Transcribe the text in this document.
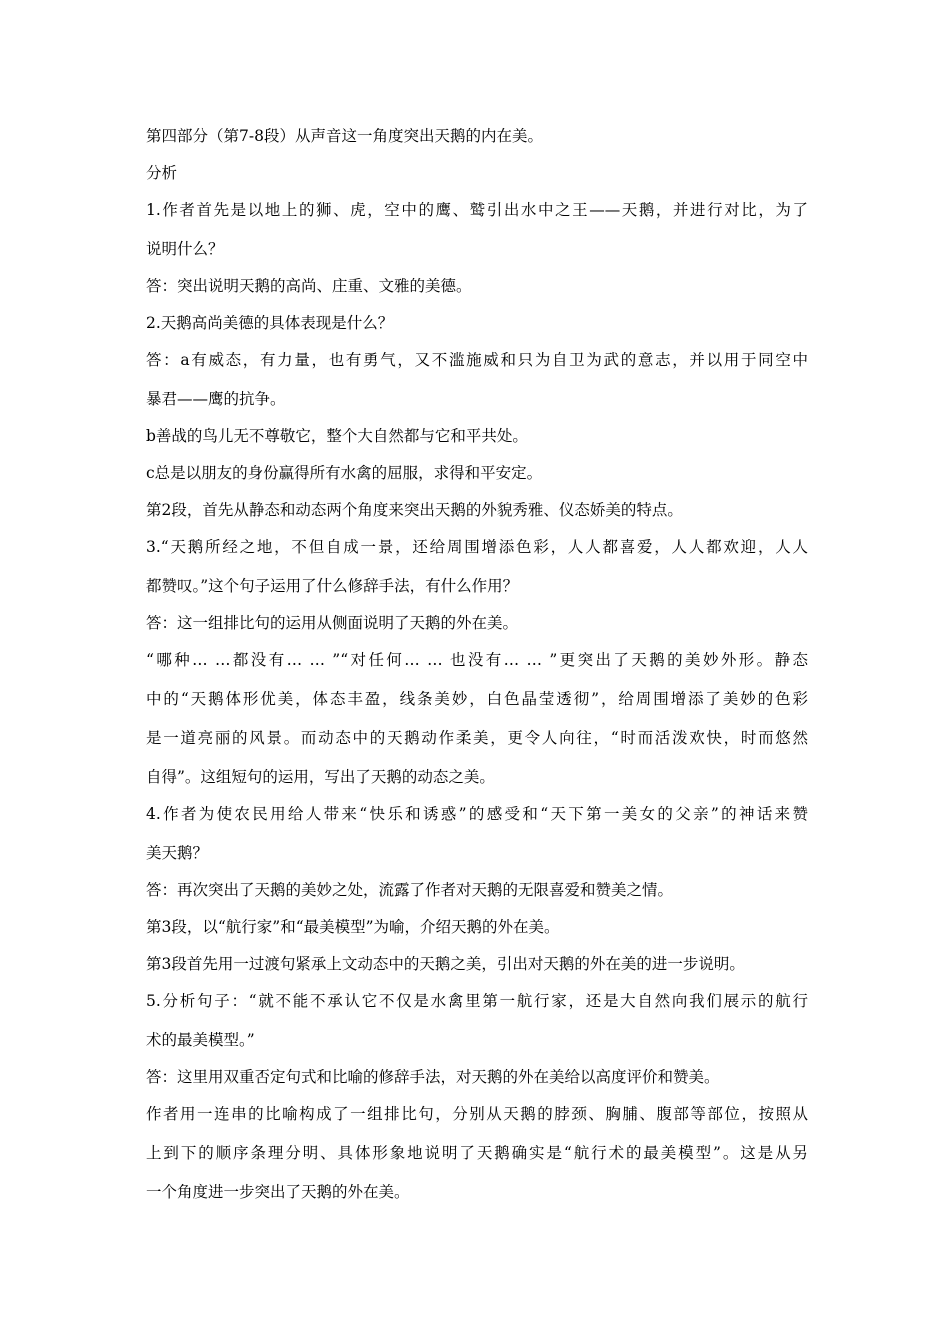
第四部分（第7-8段）从声音这一角度突出天鹅的内在美。

分析

1.作者首先是以地上的狮、虎，空中的鹰、鹫引出水中之王——天鹅，并进行对比，为了

说明什么？

答：突出说明天鹅的高尚、庄重、文雅的美德。

2.天鹅高尚美德的具体表现是什么？

答：a有威态，有力量，也有勇气，又不滥施威和只为自卫为武的意志，并以用于同空中

暴君——鹰的抗争。

b善战的鸟儿无不尊敬它，整个大自然都与它和平共处。

c总是以朋友的身份赢得所有水禽的屈服，求得和平安定。

第2段，首先从静态和动态两个角度来突出天鹅的外貌秀雅、仪态娇美的特点。

3.“天鹅所经之地，不但自成一景，还给周围增添色彩，人人都喜爱，人人都欢迎，人人

都赞叹。”这个句子运用了什么修辞手法，有什么作用？

答：这一组排比句的运用从侧面说明了天鹅的外在美。

“哪种… …都没有… … ”“对任何… … 也没有… … ”更突出了天鹅的美妙外形。静态

中的“天鹅体形优美，体态丰盈，线条美妙，白色晶莹透彻”，给周围增添了美妙的色彩

是一道亮丽的风景。而动态中的天鹅动作柔美，更令人向往，“时而活泼欢快，时而悠然

自得”。这组短句的运用，写出了天鹅的动态之美。

4.作者为使农民用给人带来“快乐和诱惑”的感受和“天下第一美女的父亲”的神话来赞

美天鹅？

答：再次突出了天鹅的美妙之处，流露了作者对天鹅的无限喜爱和赞美之情。

第3段，以“航行家”和“最美模型”为喻，介绍天鹅的外在美。

第3段首先用一过渡句紧承上文动态中的天鹅之美，引出对天鹅的外在美的进一步说明。

5.分析句子：“就不能不承认它不仅是水禽里第一航行家，还是大自然向我们展示的航行

术的最美模型。”

答：这里用双重否定句式和比喻的修辞手法，对天鹅的外在美给以高度评价和赞美。

作者用一连串的比喻构成了一组排比句，分别从天鹅的脖颈、胸脯、腹部等部位，按照从

上到下的顺序条理分明、具体形象地说明了天鹅确实是“航行术的最美模型”。这是从另

一个角度进一步突出了天鹅的外在美。
